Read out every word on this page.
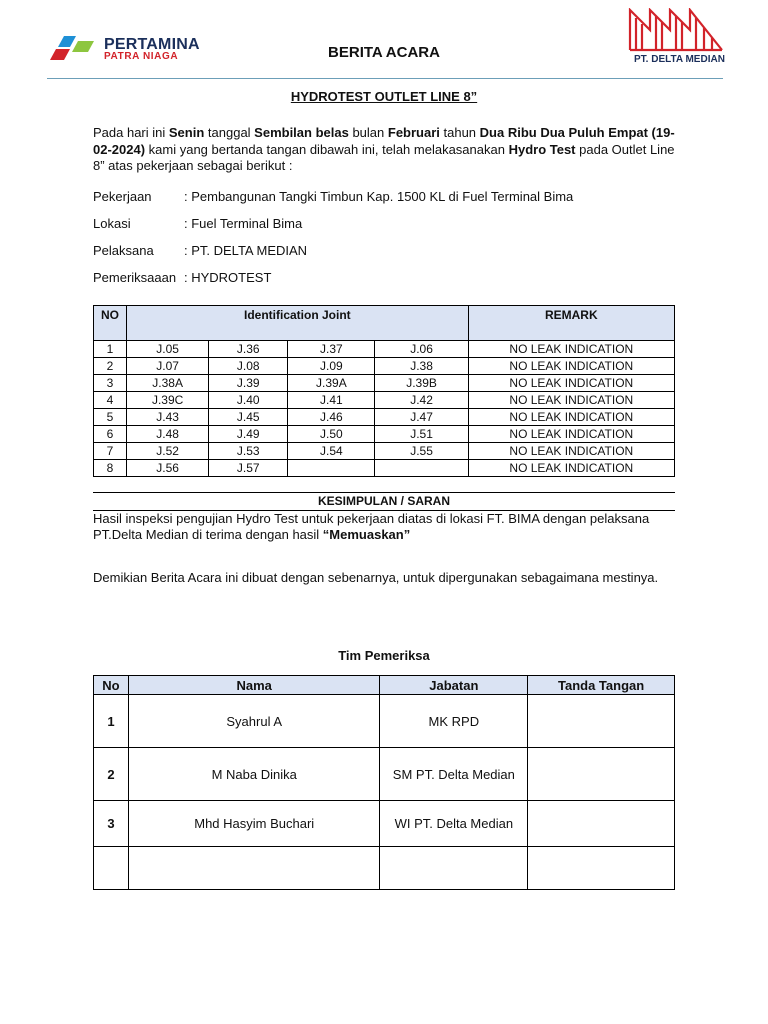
PERTAMINA
PATRA NIAGA	BERITA ACARA	PT. DELTA MEDIAN
HYDROTEST OUTLET LINE 8”
Pada hari ini Senin tanggal Sembilan belas bulan Februari tahun Dua Ribu Dua Puluh Empat (19-02-2024) kami yang bertanda tangan dibawah ini, telah melakasanakan Hydro Test pada Outlet Line 8” atas pekerjaan sebagai berikut :
Pekerjaan : Pembangunan Tangki Timbun Kap. 1500 KL di Fuel Terminal Bima
Lokasi	: Fuel Terminal Bima
Pelaksana : PT. DELTA MEDIAN
Pemeriksaaan : HYDROTEST
NO	Identification Joint				REMARK
1	J.05	J.36	J.37	J.06	NO LEAK INDICATION
2	J.07	J.08	J.09	J.38	NO LEAK INDICATION
3	J.38A	J.39	J.39A	J.39B	NO LEAK INDICATION
4	J.39C	J.40	J.41	J.42	NO LEAK INDICATION
5	J.43	J.45	J.46	J.47	NO LEAK INDICATION
6	J.48	J.49	J.50	J.51	NO LEAK INDICATION
7	J.52	J.53	J.54	J.55	NO LEAK INDICATION
8	J.56	J.57			NO LEAK INDICATION
KESIMPULAN / SARAN
Hasil inspeksi pengujian Hydro Test untuk pekerjaan diatas di lokasi FT. BIMA dengan pelaksana PT.Delta Median di terima dengan hasil “Memuaskan”
Demikian Berita Acara ini dibuat dengan sebenarnya, untuk dipergunakan sebagaimana mestinya.
Tim Pemeriksa
No	Nama	Jabatan	Tanda Tangan
1	Syahrul A	MK RPD	
2	M Naba Dinika	SM PT. Delta Median	
3	Mhd Hasyim Buchari	WI PT. Delta Median	
